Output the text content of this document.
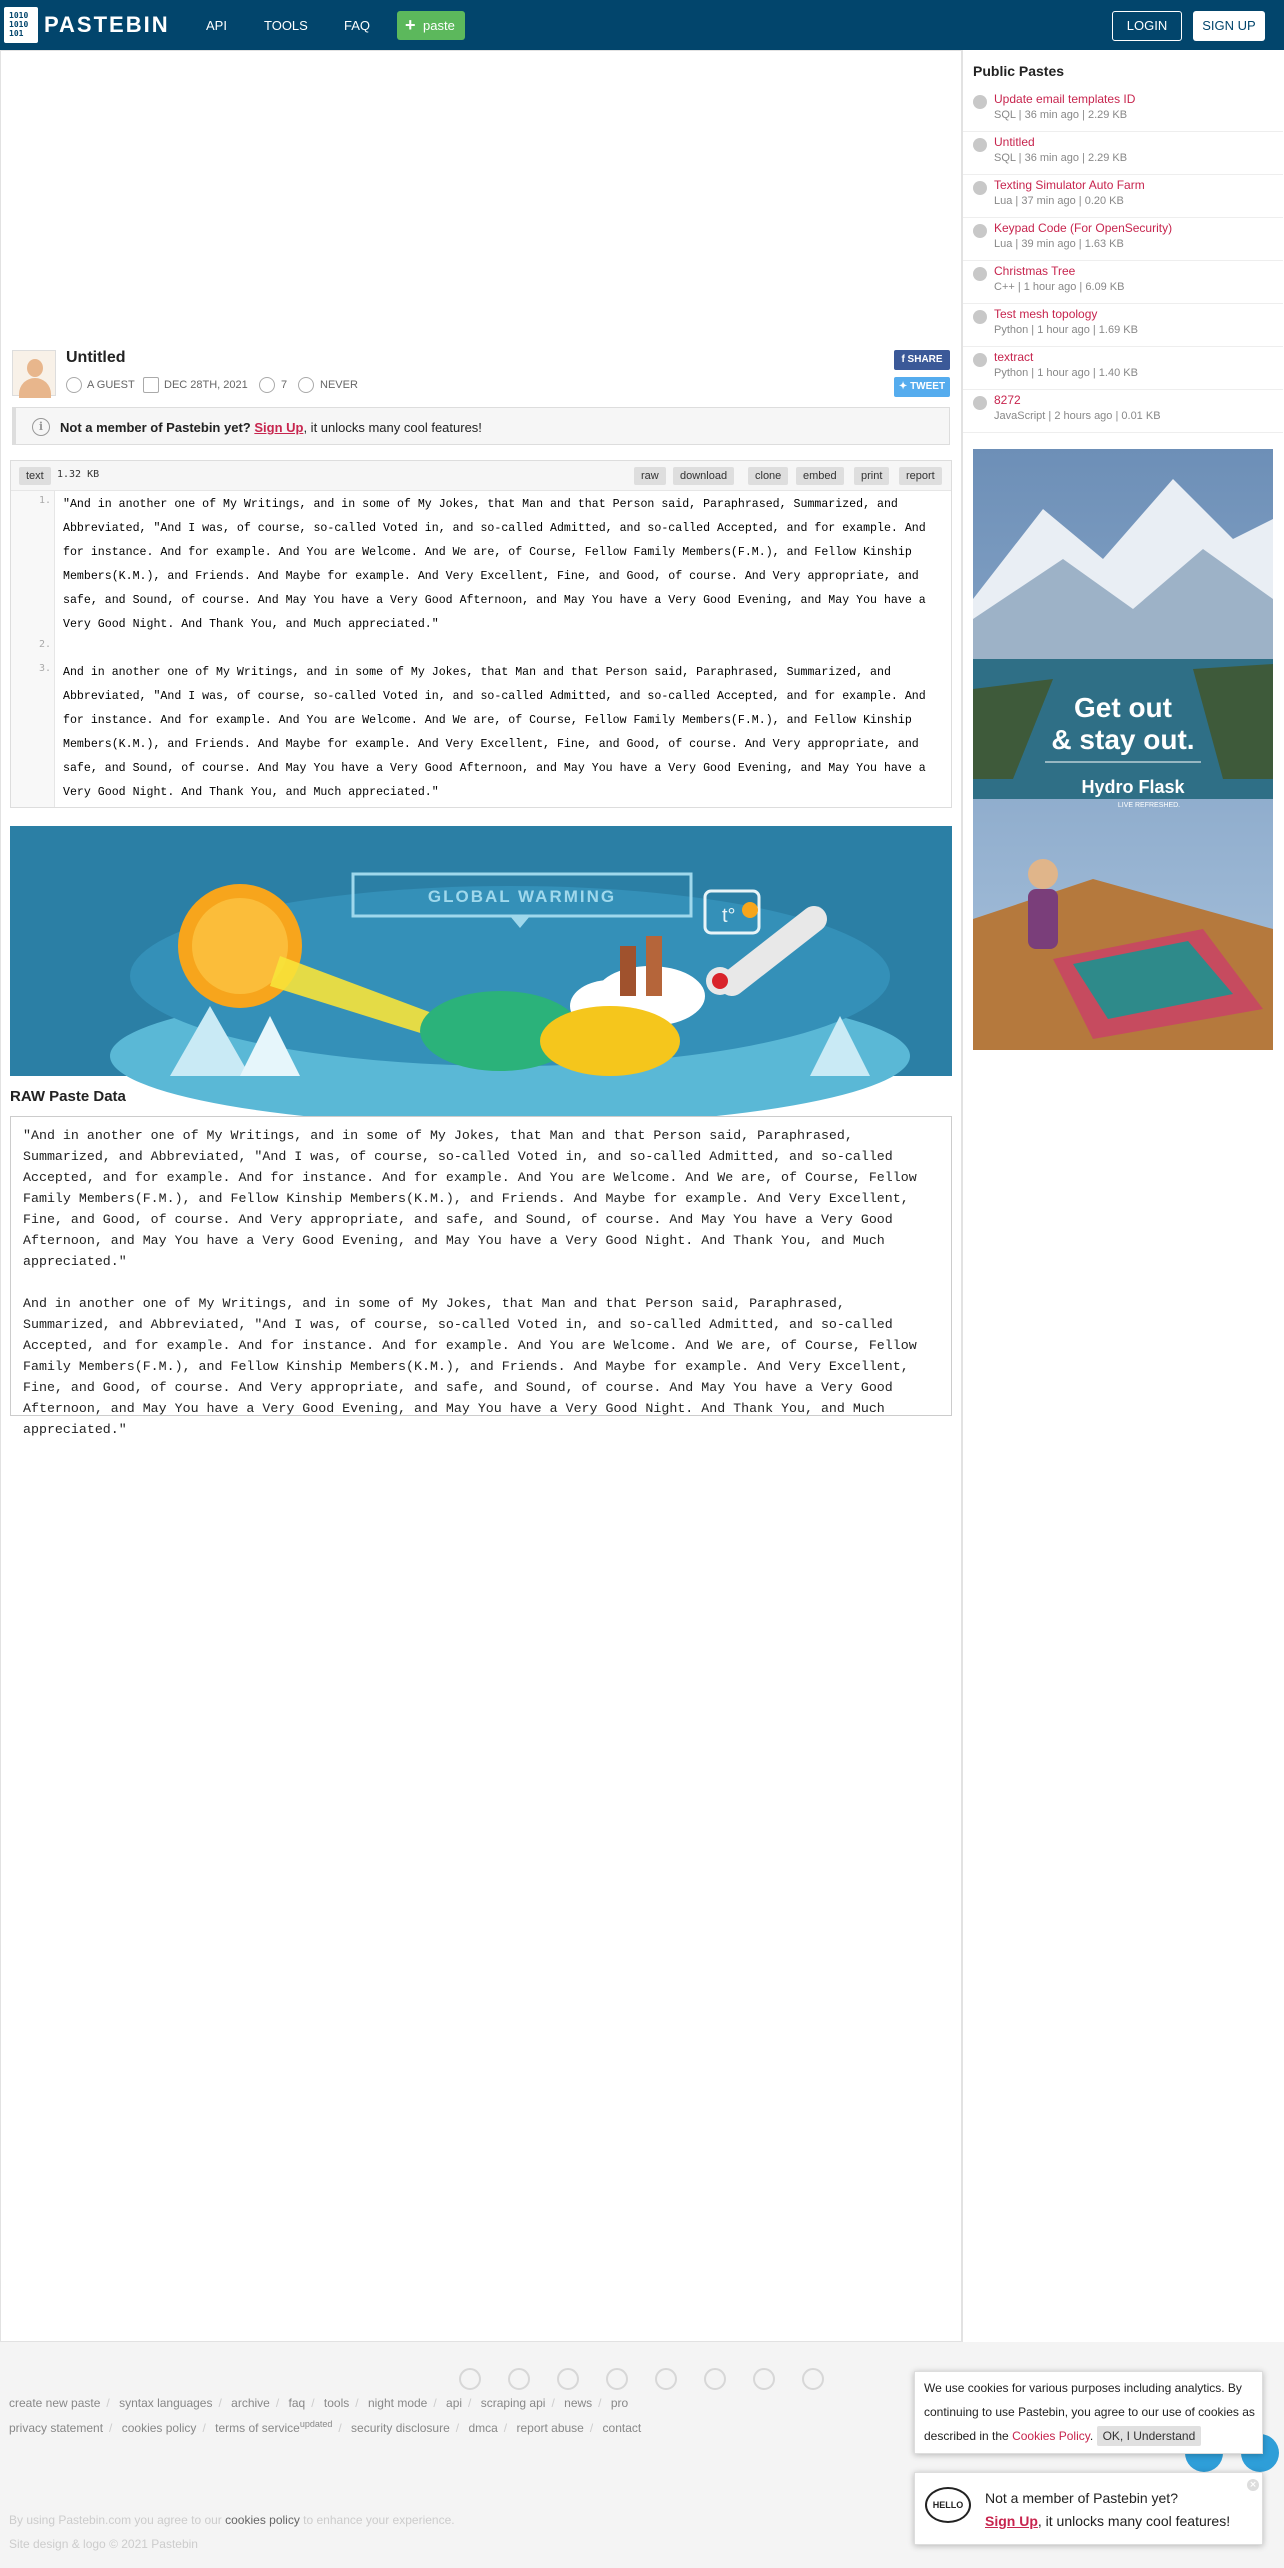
1010
1010
101 PASTEBIN	API	TOOLS	FAQ + paste	LOGIN	SIGN UP
Untitled
A GUEST	DEC 28TH, 2021	7	NEVER
f SHARE
✦ TWEET
i	Not a member of Pastebin yet? Sign Up, it unlocks many cool features!
text	1.32 KB	raw	download	clone	embed	print	report
1.
2.
3.
"And in another one of My Writings, and in some of My Jokes, that Man and that Person said, Paraphrased, Summarized, and Abbreviated, "And I was, of course, so-called Voted in, and so-called Admitted, and so-called Accepted, and for example. And for instance. And for example. And You are Welcome. And We are, of Course, Fellow Family Members(F.M.), and Fellow Kinship Members(K.M.), and Friends. And Maybe for example. And Very Excellent, Fine, and Good, of course. And Very appropriate, and safe, and Sound, of course. And May You have a Very Good Afternoon, and May You have a Very Good Evening, and May You have a Very Good Night. And Thank You, and Much appreciated."
And in another one of My Writings, and in some of My Jokes, that Man and that Person said, Paraphrased, Summarized, and Abbreviated, "And I was, of course, so-called Voted in, and so-called Admitted, and so-called Accepted, and for example. And for instance. And for example. And You are Welcome. And We are, of Course, Fellow Family Members(F.M.), and Fellow Kinship Members(K.M.), and Friends. And Maybe for example. And Very Excellent, Fine, and Good, of course. And Very appropriate, and safe, and Sound, of course. And May You have a Very Good Afternoon, and May You have a Very Good Evening, and May You have a Very Good Night. And Thank You, and Much appreciated."
GLOBAL WARMING
t°
RAW Paste Data
"And in another one of My Writings, and in some of My Jokes, that Man and that Person said, Paraphrased, Summarized, and Abbreviated, "And I was, of course, so-called Voted in, and so-called Admitted, and so-called Accepted, and for example. And for instance. And for example. And You are Welcome. And We are, of Course, Fellow Family Members(F.M.), and Fellow Kinship Members(K.M.), and Friends. And Maybe for example. And Very Excellent, Fine, and Good, of course. And Very appropriate, and safe, and Sound, of course. And May You have a Very Good Afternoon, and May You have a Very Good Evening, and May You have a Very Good Night. And Thank You, and Much appreciated."

And in another one of My Writings, and in some of My Jokes, that Man and that Person said, Paraphrased, Summarized, and Abbreviated, "And I was, of course, so-called Voted in, and so-called Admitted, and so-called Accepted, and for example. And for instance. And for example. And You are Welcome. And We are, of Course, Fellow Family Members(F.M.), and Fellow Kinship Members(K.M.), and Friends. And Maybe for example. And Very Excellent, Fine, and Good, of course. And Very appropriate, and safe, and Sound, of course. And May You have a Very Good Afternoon, and May You have a Very Good Evening, and May You have a Very Good Night. And Thank You, and Much appreciated."
Public Pastes
Update email templates ID
SQL | 36 min ago | 2.29 KB
Untitled
SQL | 36 min ago | 2.29 KB
Texting Simulator Auto Farm
Lua | 37 min ago | 0.20 KB
Keypad Code (For OpenSecurity)
Lua | 39 min ago | 1.63 KB
Christmas Tree
C++ | 1 hour ago | 6.09 KB
Test mesh topology
Python | 1 hour ago | 1.69 KB
textract
Python | 1 hour ago | 1.40 KB
8272
JavaScript | 2 hours ago | 0.01 KB
Get out
& stay out.
Hydro Flask
LIVE REFRESHED.
create new paste / syntax languages / archive / faq / tools / night mode / api / scraping api / news / pro
privacy statement / cookies policy / terms of service$^{updated}$ / security disclosure / dmca / report abuse / contact
By using Pastebin.com you agree to our cookies policy to enhance your experience.
Site design & logo © 2021 Pastebin
We use cookies for various purposes including analytics. By continuing to use Pastebin, you agree to our use of cookies as described in the Cookies Policy. OK, I Understand
HELLO	Not a member of Pastebin yet?
Sign Up, it unlocks many cool features!
×
